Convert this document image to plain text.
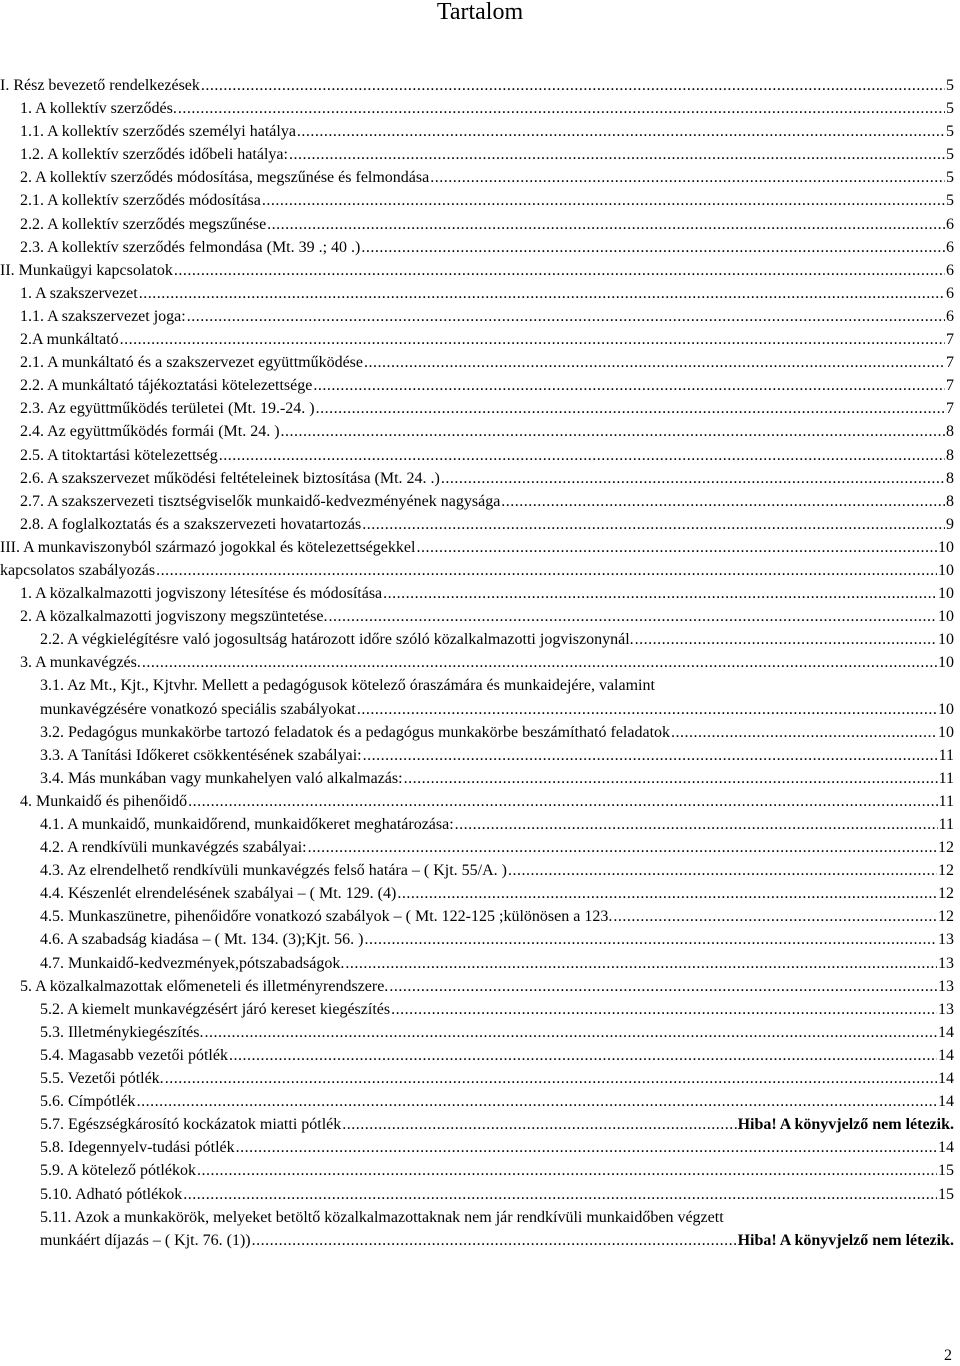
Tartalom
I. Rész bevezető rendelkezések .....	5
1. A kollektív szerződés. .....	5
1.1. A kollektív szerződés személyi hatálya .....	5
1.2. A kollektív szerződés időbeli hatálya: .....	5
2. A kollektív szerződés módosítása, megszűnése és felmondása .....	5
2.1. A kollektív szerződés módosítása .....	5
2.2. A kollektív szerződés megszűnése .....	6
2.3. A kollektív szerződés felmondása (Mt. 39 .; 40 .) .....	6
II. Munkaügyi kapcsolatok .....	6
1. A szakszervezet .....	6
1.1. A szakszervezet joga: .....	6
2.A munkáltató .....	7
2.1. A munkáltató és a szakszervezet együttműködése .....	7
2.2. A munkáltató tájékoztatási kötelezettsége .....	7
2.3. Az együttműködés területei (Mt. 19.-24. ) .....	7
2.4. Az együttműködés formái (Mt. 24. ) .....	8
2.5. A titoktartási kötelezettség .....	8
2.6. A szakszervezet működési feltételeinek biztosítása (Mt. 24. .) .....	8
2.7. A szakszervezeti tisztségviselők munkaidő-kedvezményének nagysága .....	8
2.8. A foglalkoztatás és a szakszervezeti hovatartozás .....	9
III. A munkaviszonyból származó jogokkal és kötelezettségekkel .....	10
kapcsolatos szabályozás .....	10
1. A közalkalmazotti jogviszony létesítése és módosítása .....	10
2. A közalkalmazotti jogviszony megszüntetése. .....	10
2.2. A végkielégítésre való jogosultság határozott időre szóló közalkalmazotti jogviszonynál. .....	10
3. A munkavégzés. .....	10
3.1. Az Mt., Kjt., Kjtvhr. Mellett a pedagógusok kötelező óraszámára és munkaidejére, valamint
munkavégzésére vonatkozó speciális szabályokat .....	10
3.2. Pedagógus munkakörbe tartozó feladatok és a pedagógus munkakörbe beszámítható feladatok .....	10
3.3. A Tanítási Időkeret csökkentésének szabályai: .....	11
3.4. Más munkában vagy munkahelyen való alkalmazás: .....	11
4. Munkaidő és pihenőidő .....	11
4.1. A munkaidő, munkaidőrend, munkaidőkeret meghatározása: .....	11
4.2. A rendkívüli munkavégzés szabályai: .....	12
4.3. Az elrendelhető rendkívüli munkavégzés felső határa – ( Kjt. 55/A. ) .....	12
4.4. Készenlét elrendelésének szabályai – ( Mt. 129. (4) .....	12
4.5. Munkaszünetre, pihenőidőre vonatkozó szabályok – ( Mt. 122-125 ;különösen a 123. .....	12
4.6. A szabadság kiadása – ( Mt. 134. (3);Kjt. 56. ) .....	13
4.7. Munkaidő-kedvezmények,pótszabadságok. .....	13
5. A közalkalmazottak előmeneteli és illetményrendszere. .....	13
5.2. A kiemelt munkavégzésért járó kereset kiegészítés .....	13
5.3. Illetménykiegészítés. .....	14
5.4. Magasabb vezetői pótlék .....	14
5.5. Vezetői pótlék. .....	14
5.6. Címpótlék .....	14
5.7. Egészségkárosító kockázatok miatti pótlék .....	Hiba! A könyvjelző nem létezik.
5.8. Idegennyelv-tudási pótlék .....	14
5.9. A kötelező pótlékok .....	15
5.10. Adható pótlékok .....	15
5.11. Azok a munkakörök, melyeket betöltő közalkalmazottaknak nem jár rendkívüli munkaidőben végzett
munkáért díjazás – ( Kjt. 76. (1)) .....	Hiba! A könyvjelző nem létezik.
2
